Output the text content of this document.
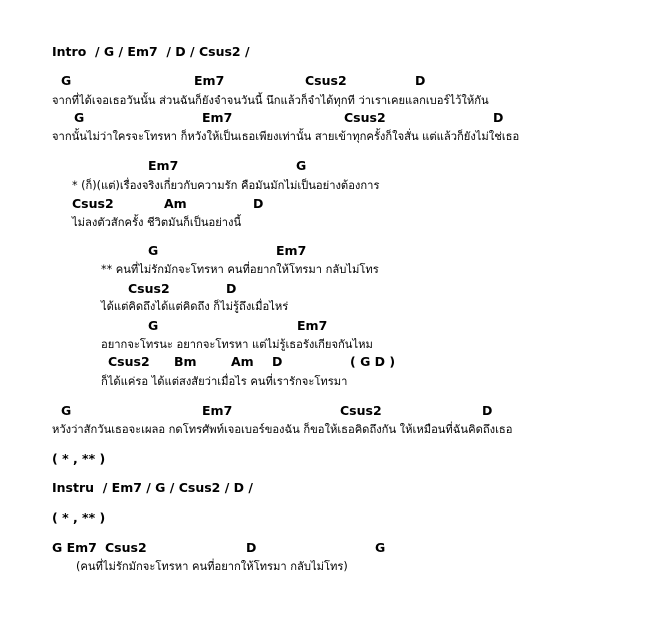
Intro  / G / Em7  / D / Csus2 /
G	Em7	Csus2	D
จากที่ได้เจอเธอวันนั้น ส่วนฉันก็ยังจำจนวันนี้ นึกแล้วก็จำได้ทุกที ว่าเราเคยแลกเบอร์ไว้ให้กัน
G	Em7	Csus2	D
จากนั้นไม่ว่าใครจะโทรหา ก็หวังให้เป็นเธอเพียงเท่านั้น สายเข้าทุกครั้งก็ใจสั่น แต่แล้วก็ยังไม่ใช่เธอ
Em7	G
* (ก็)(แต่)เรื่องจริงเกี่ยวกับความรัก คือมันมักไม่เป็นอย่างต้องการ
Csus2	Am	D
ไม่ลงตัวสักครั้ง ชีวิตมันก็เป็นอย่างนี้
G	Em7
** คนที่ไม่รักมักจะโทรหา คนที่อยากให้โทรมา กลับไม่โทร
Csus2	D
ได้แต่คิดถึงได้แต่คิดถึง ก็ไม่รู้ถึงเมื่อไหร่
G	Em7
อยากจะโทรนะ อยากจะโทรหา แต่ไม่รู้เธอรังเกียจกันไหม
Csus2 Bm	Am D	( G D )
ก็ได้แค่รอ ได้แต่สงสัยว่าเมื่อไร คนที่เรารักจะโทรมา
G	Em7	Csus2	D
หวังว่าสักวันเธอจะเผลอ กดโทรศัพท์เจอเบอร์ของฉัน ก็ขอให้เธอคิดถึงกัน ให้เหมือนที่ฉันคิดถึงเธอ
( * , ** )
Instru  / Em7 / G / Csus2 / D /
( * , ** )
G Em7 Csus2	D	G
(คนที่ไม่รักมักจะโทรหา คนที่อยากให้โทรมา กลับไม่โทร)
